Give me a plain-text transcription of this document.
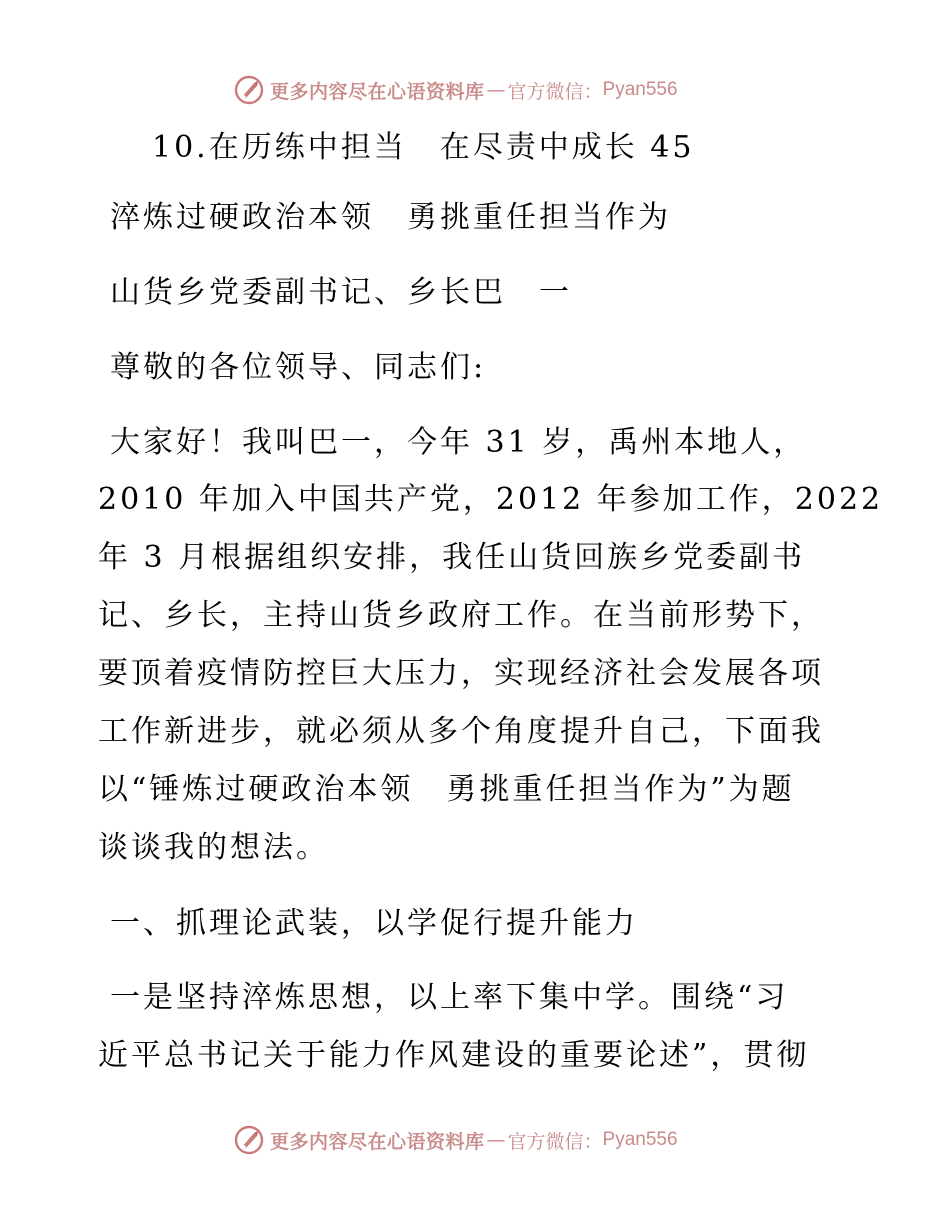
更多内容尽在心语资料库 — 官方微信： Pyan556
10.在历练中担当　在尽责中成长 45
淬炼过硬政治本领　勇挑重任担当作为
山货乡党委副书记、乡长巴　一
尊敬的各位领导、同志们:
大家好！我叫巴一，今年 31 岁，禹州本地人，
2010 年加入中国共产党，2012 年参加工作，2022
年 3 月根据组织安排，我任山货回族乡党委副书
记、乡长，主持山货乡政府工作。在当前形势下，
要顶着疫情防控巨大压力，实现经济社会发展各项
工作新进步，就必须从多个角度提升自己，下面我
以“锤炼过硬政治本领　勇挑重任担当作为”为题
谈谈我的想法。
一、抓理论武装，以学促行提升能力
一是坚持淬炼思想，以上率下集中学。围绕“习
近平总书记关于能力作风建设的重要论述”，贯彻
更多内容尽在心语资料库 — 官方微信： Pyan556
